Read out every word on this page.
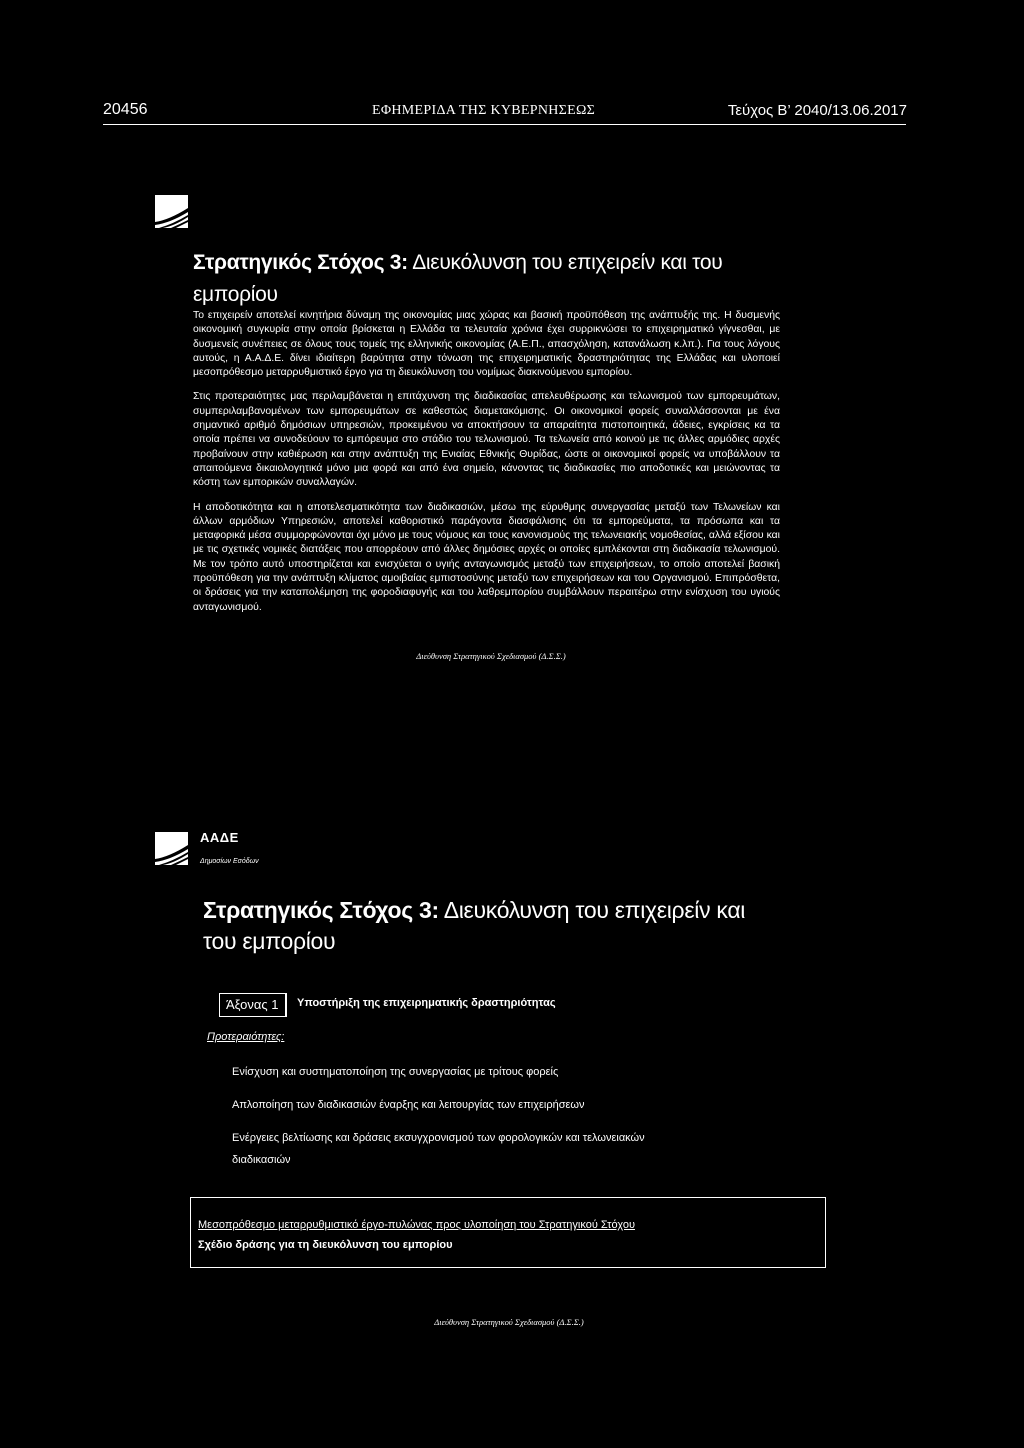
20456	ΕΦΗΜΕΡΙΔΑ ΤΗΣ ΚΥΒΕΡΝΗΣΕΩΣ	Τεύχος Β’ 2040/13.06.2017
Στρατηγικός Στόχος 3: Διευκόλυνση του επιχειρείν και του εμπορίου

Το επιχειρείν αποτελεί κινητήρια δύναμη της οικονομίας μιας χώρας και βασική προϋπόθεση της ανάπτυξής της. Η δυσμενής οικονομική συγκυρία στην οποία βρίσκεται η Ελλάδα τα τελευταία χρόνια έχει συρρικνώσει το επιχειρηματικό γίγνεσθαι, με δυσμενείς συνέπειες σε όλους τους τομείς της ελληνικής οικονομίας (Α.Ε.Π., απασχόληση, κατανάλωση κ.λπ.). Για τους λόγους αυτούς, η Α.Α.Δ.Ε. δίνει ιδιαίτερη βαρύτητα στην τόνωση της επιχειρηματικής δραστηριότητας της Ελλάδας και υλοποιεί μεσοπρόθεσμο μεταρρυθμιστικό έργο για τη διευκόλυνση του νομίμως διακινούμενου εμπορίου.

Στις προτεραιότητες μας περιλαμβάνεται η επιτάχυνση της διαδικασίας απελευθέρωσης και τελωνισμού των εμπορευμάτων, συμπεριλαμβανομένων των εμπορευμάτων σε καθεστώς διαμετακόμισης. Οι οικονομικοί φορείς συναλλάσσονται με ένα σημαντικό αριθμό δημόσιων υπηρεσιών, προκειμένου να αποκτήσουν τα απαραίτητα πιστοποιητικά, άδειες, εγκρίσεις κα τα οποία πρέπει να συνοδεύουν το εμπόρευμα στο στάδιο του τελωνισμού. Τα τελωνεία από κοινού με τις άλλες αρμόδιες αρχές προβαίνουν στην καθιέρωση και στην ανάπτυξη της Ενιαίας Εθνικής Θυρίδας, ώστε οι οικονομικοί φορείς να υποβάλλουν τα απαιτούμενα δικαιολογητικά μόνο μια φορά και από ένα σημείο, κάνοντας τις διαδικασίες πιο αποδοτικές και μειώνοντας τα κόστη των εμπορικών συναλλαγών.

Η αποδοτικότητα και η αποτελεσματικότητα των διαδικασιών, μέσω της εύρυθμης συνεργασίας μεταξύ των Τελωνείων και άλλων αρμόδιων Υπηρεσιών, αποτελεί καθοριστικό παράγοντα διασφάλισης ότι τα εμπορεύματα, τα πρόσωπα και τα μεταφορικά μέσα συμμορφώνονται όχι μόνο με τους νόμους και τους κανονισμούς της τελωνειακής νομοθεσίας, αλλά εξίσου και με τις σχετικές νομικές διατάξεις που απορρέουν από άλλες δημόσιες αρχές οι οποίες εμπλέκονται στη διαδικασία τελωνισμού. Με τον τρόπο αυτό υποστηρίζεται και ενισχύεται ο υγιής ανταγωνισμός μεταξύ των επιχειρήσεων, το οποίο αποτελεί βασική προϋπόθεση για την ανάπτυξη κλίματος αμοιβαίας εμπιστοσύνης μεταξύ των επιχειρήσεων και του Οργανισμού. Επιπρόσθετα, οι δράσεις για την καταπολέμηση της φοροδιαφυγής και του λαθρεμπορίου συμβάλλουν περαιτέρω στην ενίσχυση του υγιούς ανταγωνισμού.

Διεύθυνση Στρατηγικού Σχεδιασμού (Δ.Σ.Σ.)
ΑΑΔΕ
Δημοσίων Εσόδων
Στρατηγικός Στόχος 3: Διευκόλυνση του επιχειρείν και του εμπορίου
Άξονας 1	Υποστήριξη της επιχειρηματικής δραστηριότητας
Προτεραιότητες:
Ενίσχυση και συστηματοποίηση της συνεργασίας με τρίτους φορείς
Απλοποίηση των διαδικασιών έναρξης και λειτουργίας των επιχειρήσεων
Ενέργειες βελτίωσης και δράσεις εκσυγχρονισμού των φορολογικών και τελωνειακών διαδικασιών
Μεσοπρόθεσμο μεταρρυθμιστικό έργο-πυλώνας προς υλοποίηση του Στρατηγικού Στόχου
Σχέδιο δράσης για τη διευκόλυνση του εμπορίου
Διεύθυνση Στρατηγικού Σχεδιασμού (Δ.Σ.Σ.)
